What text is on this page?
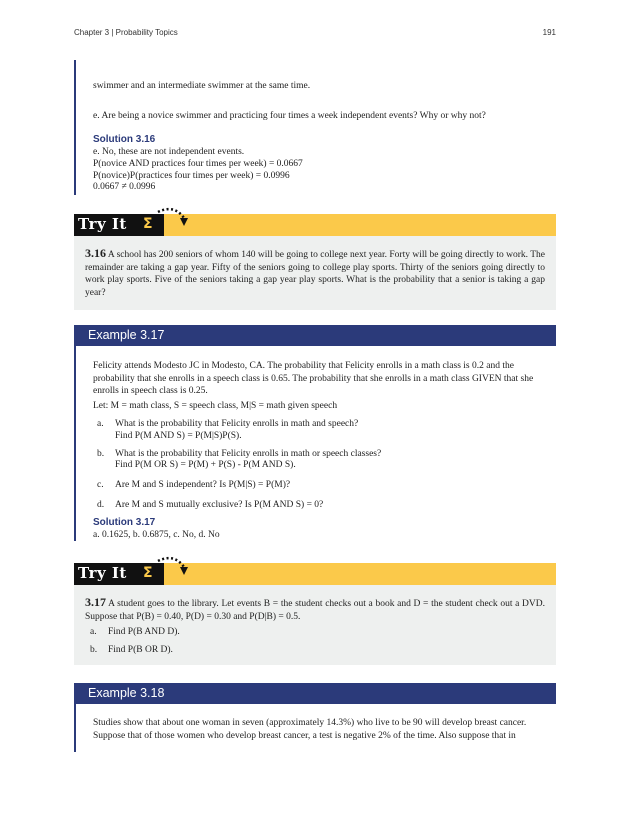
Chapter 3 | Probability Topics	191

swimmer and an intermediate swimmer at the same time.

e. Are being a novice swimmer and practicing four times a week independent events? Why or why not?

Solution 3.16
e. No, these are not independent events.
P(novice AND practices four times per week) = 0.0667
P(novice)P(practices four times per week) = 0.0996
0.0667 ≠ 0.0996
Try It Σ

3.16 A school has 200 seniors of whom 140 will be going to college next year. Forty will be going directly to work. The remainder are taking a gap year. Fifty of the seniors going to college play sports. Thirty of the seniors going directly to work play sports. Five of the seniors taking a gap year play sports. What is the probability that a senior is taking a gap year?

Example 3.17

Felicity attends Modesto JC in Modesto, CA. The probability that Felicity enrolls in a math class is 0.2 and the probability that she enrolls in a speech class is 0.65. The probability that she enrolls in a math class GIVEN that she enrolls in speech class is 0.25.

Let: M = math class, S = speech class, M|S = math given speech

a. What is the probability that Felicity enrolls in math and speech?
Find P(M AND S) = P(M|S)P(S).
b. What is the probability that Felicity enrolls in math or speech classes?
Find P(M OR S) = P(M) + P(S) - P(M AND S).
c. Are M and S independent? Is P(M|S) = P(M)?
d. Are M and S mutually exclusive? Is P(M AND S) = 0?
Solution 3.17
a. 0.1625, b. 0.6875, c. No, d. No
Try It Σ

3.17 A student goes to the library. Let events B = the student checks out a book and D = the student check out a DVD. Suppose that P(B) = 0.40, P(D) = 0.30 and P(D|B) = 0.5.

a. Find P(B AND D).
b. Find P(B OR D).
Example 3.18

Studies show that about one woman in seven (approximately 14.3%) who live to be 90 will develop breast cancer. Suppose that of those women who develop breast cancer, a test is negative 2% of the time. Also suppose that in
